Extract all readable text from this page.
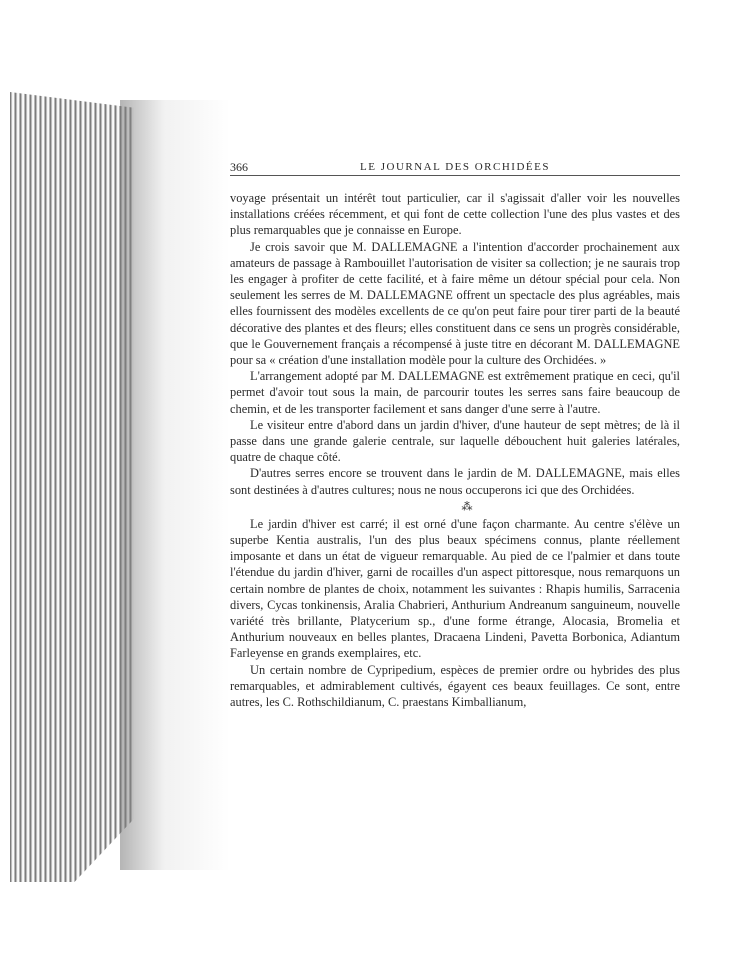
366	LE JOURNAL DES ORCHIDÉES

voyage présentait un intérêt tout particulier, car il s'agissait d'aller voir les nouvelles installations créées récemment, et qui font de cette collection l'une des plus vastes et des plus remarquables que je connaisse en Europe.

Je crois savoir que M. DALLEMAGNE a l'intention d'accorder prochainement aux amateurs de passage à Rambouillet l'autorisation de visiter sa collection; je ne saurais trop les engager à profiter de cette facilité, et à faire même un détour spécial pour cela. Non seulement les serres de M. DALLEMAGNE offrent un spectacle des plus agréables, mais elles fournissent des modèles excellents de ce qu'on peut faire pour tirer parti de la beauté décorative des plantes et des fleurs; elles constituent dans ce sens un progrès considérable, que le Gouvernement français a récompensé à juste titre en décorant M. DALLEMAGNE pour sa « création d'une installation modèle pour la culture des Orchidées. »

L'arrangement adopté par M. DALLEMAGNE est extrêmement pratique en ceci, qu'il permet d'avoir tout sous la main, de parcourir toutes les serres sans faire beaucoup de chemin, et de les transporter facilement et sans danger d'une serre à l'autre.

Le visiteur entre d'abord dans un jardin d'hiver, d'une hauteur de sept mètres; de là il passe dans une grande galerie centrale, sur laquelle débouchent huit galeries latérales, quatre de chaque côté.

D'autres serres encore se trouvent dans le jardin de M. DALLEMAGNE, mais elles sont destinées à d'autres cultures; nous ne nous occuperons ici que des Orchidées.

⁂

Le jardin d'hiver est carré; il est orné d'une façon charmante. Au centre s'élève un superbe Kentia australis, l'un des plus beaux spécimens connus, plante réellement imposante et dans un état de vigueur remarquable. Au pied de ce l'palmier et dans toute l'étendue du jardin d'hiver, garni de rocailles d'un aspect pittoresque, nous remarquons un certain nombre de plantes de choix, notamment les suivantes : Rhapis humilis, Sarracenia divers, Cycas tonkinensis, Aralia Chabrieri, Anthurium Andreanum sanguineum, nouvelle variété très brillante, Platycerium sp., d'une forme étrange, Alocasia, Bromelia et Anthurium nouveaux en belles plantes, Dracaena Lindeni, Pavetta Borbonica, Adiantum Farleyense en grands exemplaires, etc.

Un certain nombre de Cypripedium, espèces de premier ordre ou hybrides des plus remarquables, et admirablement cultivés, égayent ces beaux feuillages. Ce sont, entre autres, les C. Rothschildianum, C. praestans Kimballianum,
